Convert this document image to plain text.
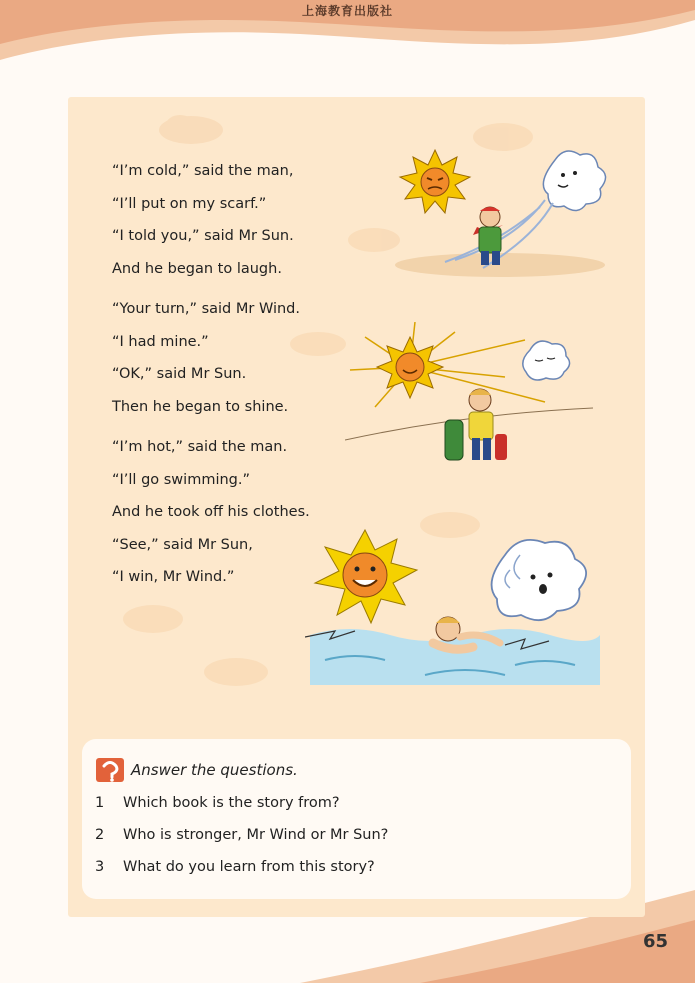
上海教育出版社
“I’m cold,” said the man,
“I’ll put on my scarf.”
“I told you,” said Mr Sun.
And he began to laugh.
“Your turn,” said Mr Wind.
“I had mine.”
“OK,” said Mr Sun.
Then he began to shine.
“I’m hot,” said the man.
“I’ll go swimming.”
And he took off his clothes.
“See,” said Mr Sun,
“I win, Mr Wind.”
Answer the questions.
1 Which book is the story from?
2 Who is stronger, Mr Wind or Mr Sun?
3 What do you learn from this story?
65
